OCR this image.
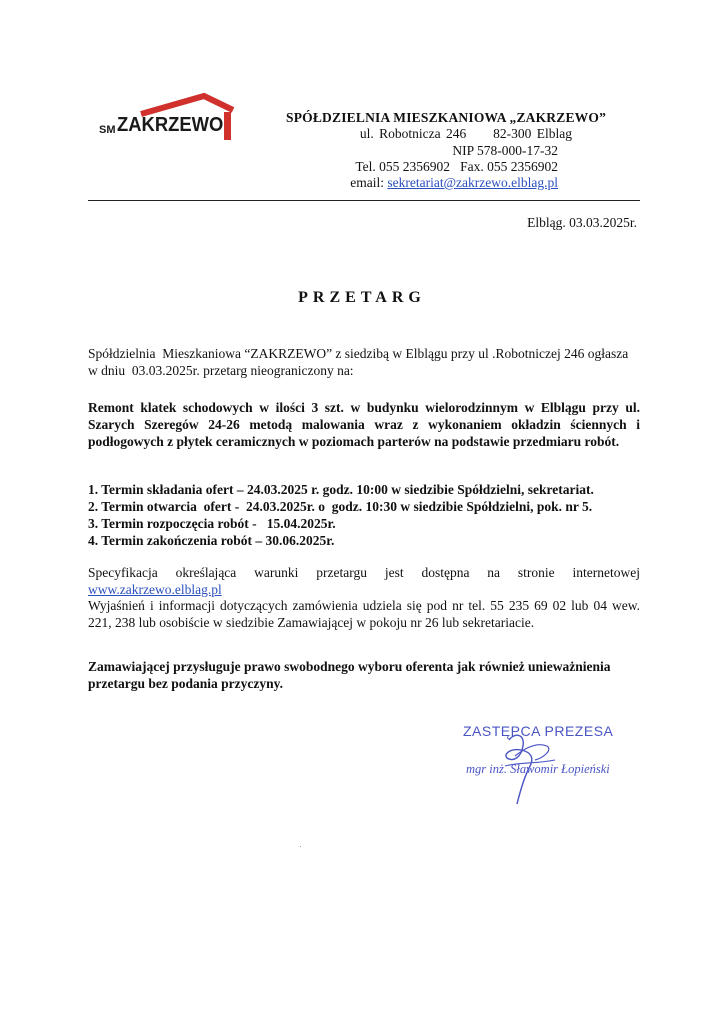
SM ZAKRZEWO	SPÓŁDZIELNIA MIESZKANIOWA „ZAKRZEWO”
ul. Robotnicza 246     82-300 Elblag
NIP 578-000-17-32
Tel. 055 2356902   Fax. 055 2356902
email: sekretariat@zakrzewo.elblag.pl
Elbląg. 03.03.2025r.
PRZETARG
Spółdzielnia  Mieszkaniowa “ZAKRZEWO” z siedzibą w Elblągu przy ul .Robotniczej 246 ogłasza w dniu  03.03.2025r. przetarg nieograniczony na:
Remont klatek schodowych w ilości 3 szt. w budynku wielorodzinnym w Elblągu przy ul. Szarych Szeregów 24-26 metodą malowania wraz z wykonaniem okładzin ściennych i podłogowych z płytek ceramicznych w poziomach parterów na podstawie przedmiaru robót.
1. Termin składania ofert – 24.03.2025 r. godz. 10:00 w siedzibie Spółdzielni, sekretariat.
2. Termin otwarcia  ofert -  24.03.2025r. o  godz. 10:30 w siedzibie Spółdzielni, pok. nr 5.
3. Termin rozpoczęcia robót -   15.04.2025r.
4. Termin zakończenia robót – 30.06.2025r.
Specyfikacja określająca warunki przetargu jest dostępna na stronie internetowej
www.zakrzewo.elblag.pl
Wyjaśnień i informacji dotyczących zamówienia udziela się pod nr tel. 55 235 69 02 lub 04 wew. 221, 238 lub osobiście w siedzibie Zamawiającej w pokoju nr 26 lub sekretariacie.
Zamawiającej przysługuje prawo swobodnego wyboru oferenta jak również unieważnienia przetargu bez podania przyczyny.
ZASTĘPCA PREZESA
mgr inż. Sławomir Łopieński
